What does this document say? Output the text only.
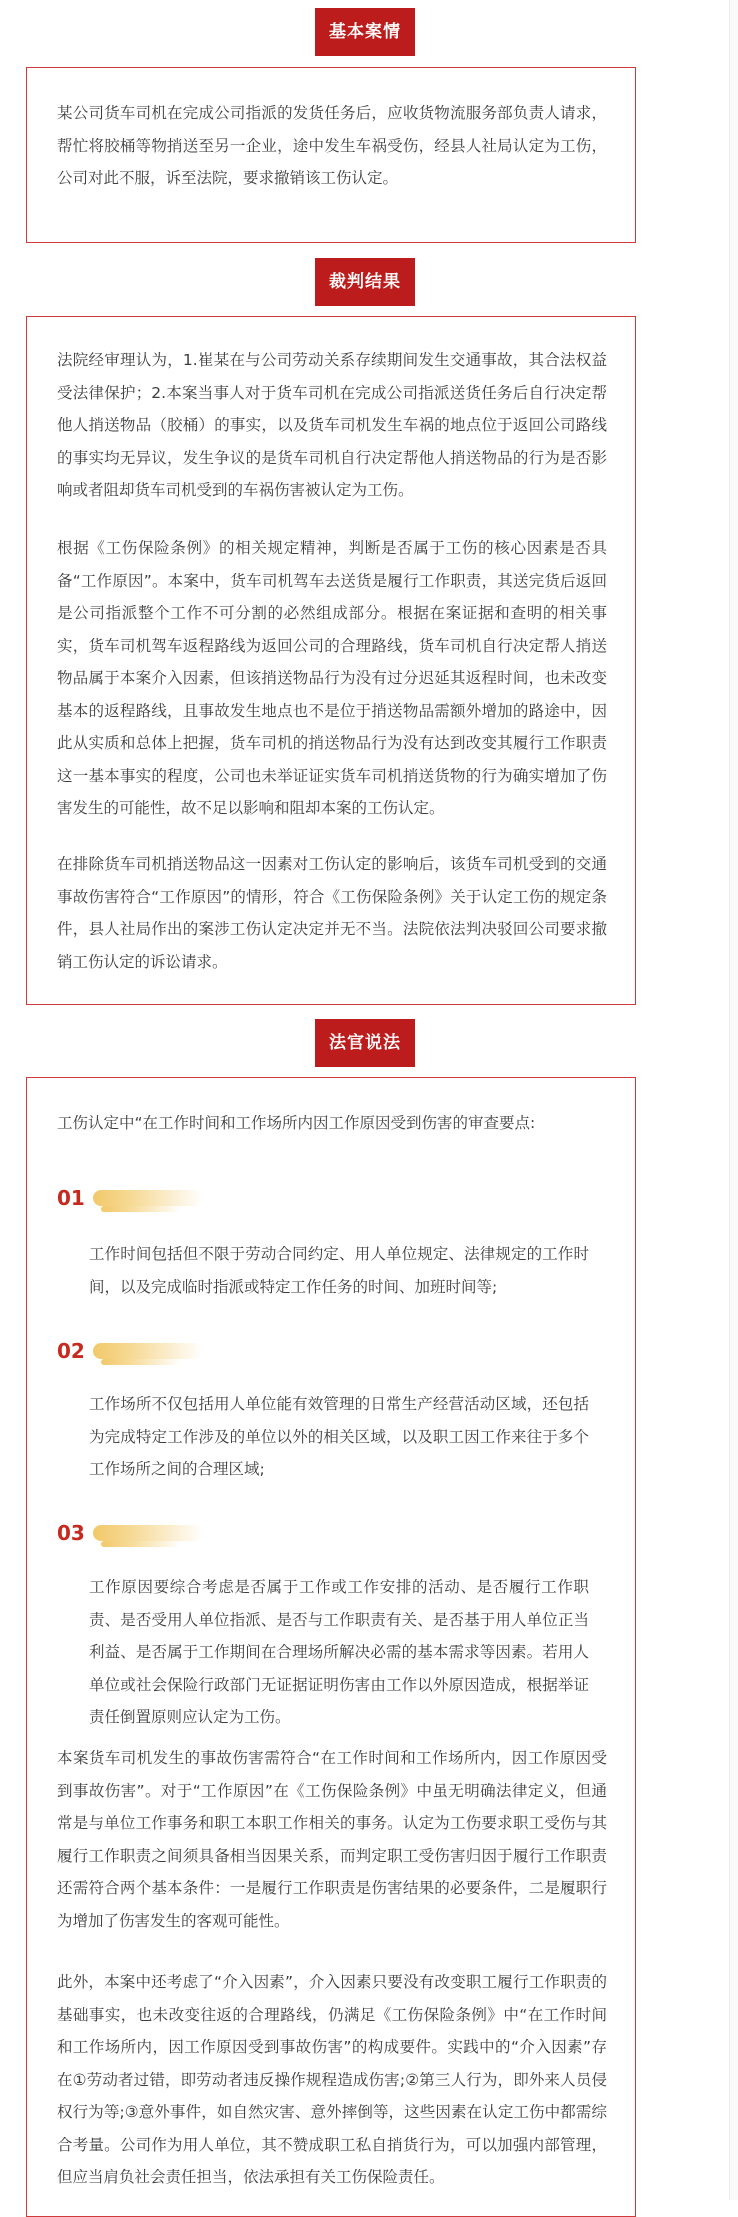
基本案情

某公司货车司机在完成公司指派的发货任务后，应收货物流服务部负责人请求，帮忙将胶桶等物捎送至另一企业，途中发生车祸受伤，经县人社局认定为工伤，公司对此不服，诉至法院，要求撤销该工伤认定。

裁判结果

法院经审理认为，1.崔某在与公司劳动关系存续期间发生交通事故，其合法权益受法律保护；2.本案当事人对于货车司机在完成公司指派送货任务后自行决定帮他人捎送物品（胶桶）的事实，以及货车司机发生车祸的地点位于返回公司路线的事实均无异议，发生争议的是货车司机自行决定帮他人捎送物品的行为是否影响或者阻却货车司机受到的车祸伤害被认定为工伤。

根据《工伤保险条例》的相关规定精神，判断是否属于工伤的核心因素是否具备“工作原因”。本案中，货车司机驾车去送货是履行工作职责，其送完货后返回是公司指派整个工作不可分割的必然组成部分。根据在案证据和查明的相关事实，货车司机驾车返程路线为返回公司的合理路线，货车司机自行决定帮人捎送物品属于本案介入因素，但该捎送物品行为没有过分迟延其返程时间，也未改变基本的返程路线，且事故发生地点也不是位于捎送物品需额外增加的路途中，因此从实质和总体上把握，货车司机的捎送物品行为没有达到改变其履行工作职责这一基本事实的程度，公司也未举证证实货车司机捎送货物的行为确实增加了伤害发生的可能性，故不足以影响和阻却本案的工伤认定。

在排除货车司机捎送物品这一因素对工伤认定的影响后，该货车司机受到的交通事故伤害符合“工作原因”的情形，符合《工伤保险条例》关于认定工伤的规定条件，县人社局作出的案涉工伤认定决定并无不当。法院依法判决驳回公司要求撤销工伤认定的诉讼请求。

法官说法

工伤认定中“在工作时间和工作场所内因工作原因受到伤害的审查要点:

01

工作时间包括但不限于劳动合同约定、用人单位规定、法律规定的工作时间，以及完成临时指派或特定工作任务的时间、加班时间等;

02

工作场所不仅包括用人单位能有效管理的日常生产经营活动区域，还包括为完成特定工作涉及的单位以外的相关区域，以及职工因工作来往于多个工作场所之间的合理区域;

03

工作原因要综合考虑是否属于工作或工作安排的活动、是否履行工作职责、是否受用人单位指派、是否与工作职责有关、是否基于用人单位正当利益、是否属于工作期间在合理场所解决必需的基本需求等因素。若用人单位或社会保险行政部门无证据证明伤害由工作以外原因造成，根据举证责任倒置原则应认定为工伤。

本案货车司机发生的事故伤害需符合“在工作时间和工作场所内，因工作原因受到事故伤害”。对于“工作原因”在《工伤保险条例》中虽无明确法律定义，但通常是与单位工作事务和职工本职工作相关的事务。认定为工伤要求职工受伤与其履行工作职责之间须具备相当因果关系，而判定职工受伤害归因于履行工作职责还需符合两个基本条件：一是履行工作职责是伤害结果的必要条件，二是履职行为增加了伤害发生的客观可能性。

此外，本案中还考虑了“介入因素”，介入因素只要没有改变职工履行工作职责的基础事实，也未改变往返的合理路线，仍满足《工伤保险条例》中“在工作时间和工作场所内，因工作原因受到事故伤害”的构成要件。实践中的“介入因素”存在①劳动者过错，即劳动者违反操作规程造成伤害;②第三人行为，即外来人员侵权行为等;③意外事件，如自然灾害、意外摔倒等，这些因素在认定工伤中都需综合考量。公司作为用人单位，其不赞成职工私自捎货行为，可以加强内部管理，但应当肩负社会责任担当，依法承担有关工伤保险责任。
